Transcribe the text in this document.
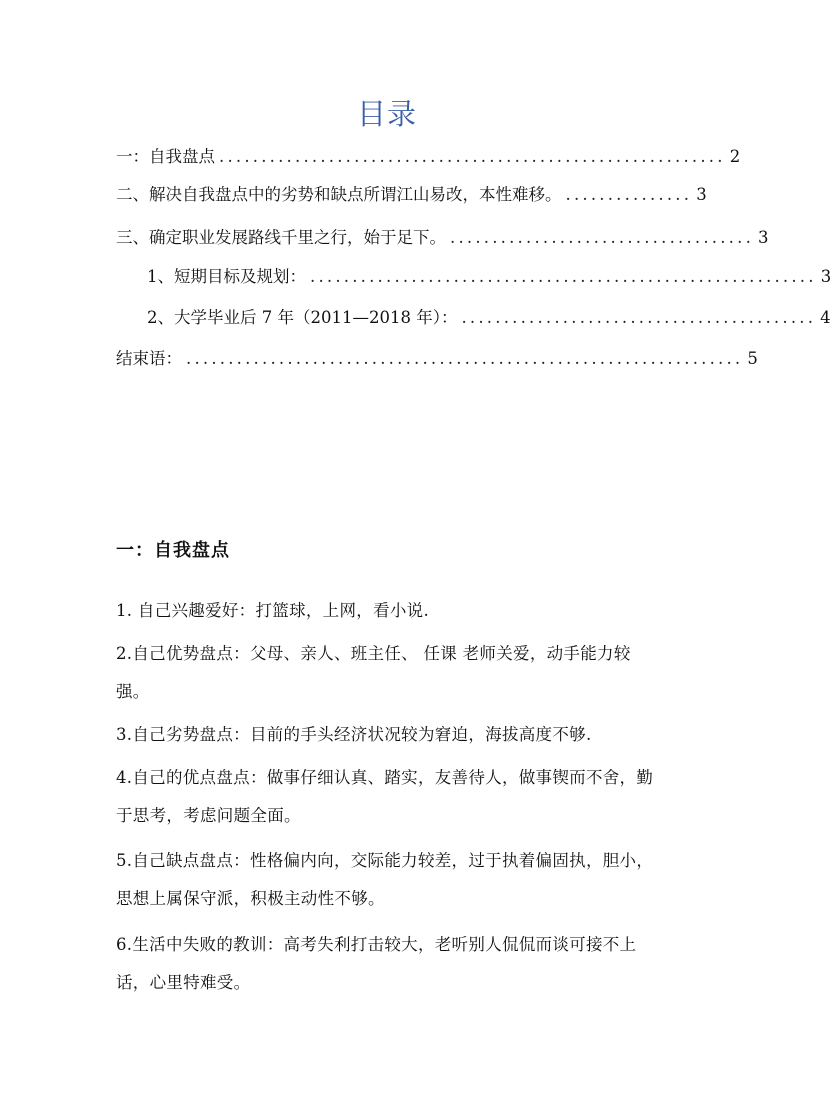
目录
一：自我盘点 ............................................................ 2
二、解决自我盘点中的劣势和缺点所谓江山易改，本性难移。 ............... 3
三、确定职业发展路线千里之行，始于足下。 .................................... 3
1、短期目标及规划： ............................................................ 3
2、大学毕业后 7 年（2011—2018 年）： .......................................... 4
结束语： .................................................................. 5
一：自我盘点
1. 自己兴趣爱好：打篮球，上网，看小说.
2.自己优势盘点：父母、亲人、班主任、 任课 老师关爱，动手能力较强。
3.自己劣势盘点：目前的手头经济状况较为窘迫，海拔高度不够.
4.自己的优点盘点：做事仔细认真、踏实，友善待人，做事锲而不舍，勤于思考，考虑问题全面。
5.自己缺点盘点：性格偏内向，交际能力较差，过于执着偏固执，胆小，思想上属保守派，积极主动性不够。
6.生活中失败的教训：高考失利打击较大，老听别人侃侃而谈可接不上话，心里特难受。
